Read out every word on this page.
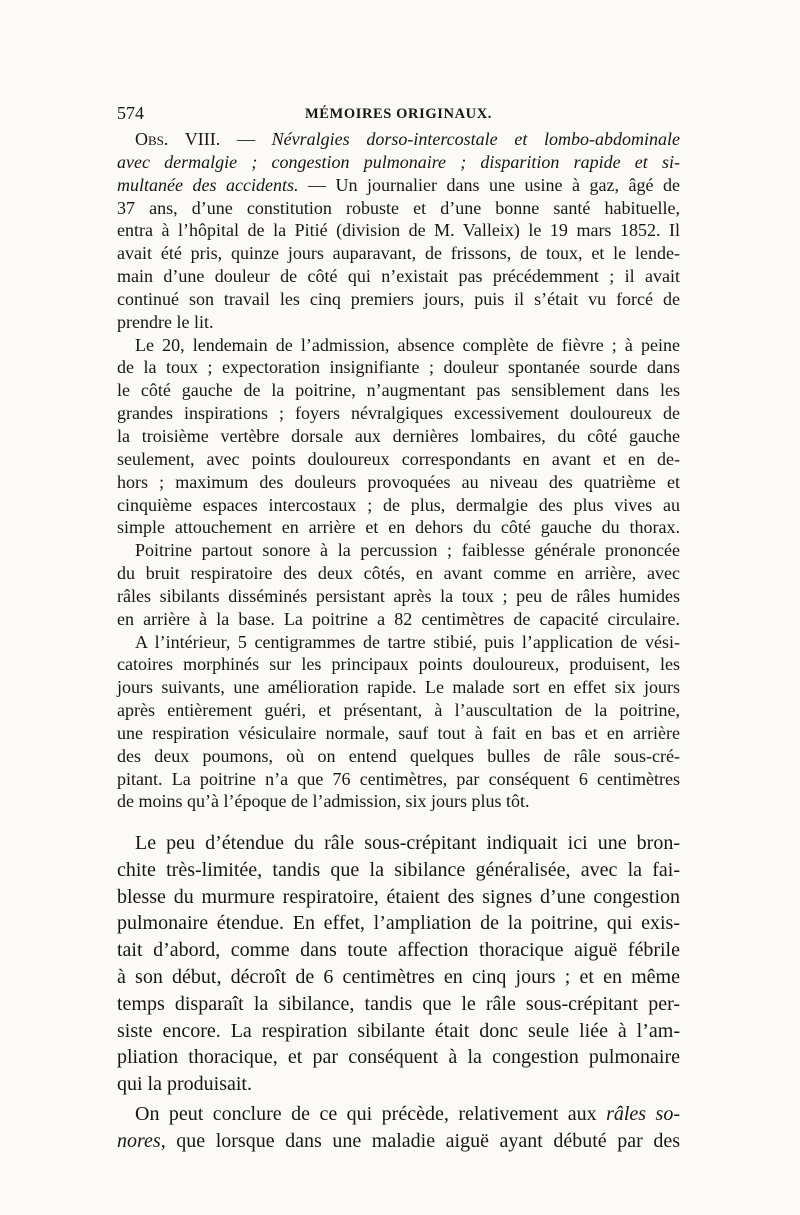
574	MÉMOIRES ORIGINAUX.
Obs. VIII. — Névralgies dorso-intercostale et lombo-abdominale
avec dermalgie ; congestion pulmonaire ; disparition rapide et si-
multanée des accidents. — Un journalier dans une usine à gaz, âgé de
37 ans, d’une constitution robuste et d’une bonne santé habituelle,
entra à l’hôpital de la Pitié (division de M. Valleix) le 19 mars 1852. Il
avait été pris, quinze jours auparavant, de frissons, de toux, et le lende-
main d’une douleur de côté qui n’existait pas précédemment ; il avait
continué son travail les cinq premiers jours, puis il s’était vu forcé de
prendre le lit.
Le 20, lendemain de l’admission, absence complète de fièvre ; à peine
de la toux ; expectoration insignifiante ; douleur spontanée sourde dans
le côté gauche de la poitrine, n’augmentant pas sensiblement dans les
grandes inspirations ; foyers névralgiques excessivement douloureux de
la troisième vertèbre dorsale aux dernières lombaires, du côté gauche
seulement, avec points douloureux correspondants en avant et en de-
hors ; maximum des douleurs provoquées au niveau des quatrième et
cinquième espaces intercostaux ; de plus, dermalgie des plus vives au
simple attouchement en arrière et en dehors du côté gauche du thorax.
Poitrine partout sonore à la percussion ; faiblesse générale prononcée
du bruit respiratoire des deux côtés, en avant comme en arrière, avec
râles sibilants disséminés persistant après la toux ; peu de râles humides
en arrière à la base. La poitrine a 82 centimètres de capacité circulaire.
A l’intérieur, 5 centigrammes de tartre stibié, puis l’application de vési-
catoires morphinés sur les principaux points douloureux, produisent, les
jours suivants, une amélioration rapide. Le malade sort en effet six jours
après entièrement guéri, et présentant, à l’auscultation de la poitrine,
une respiration vésiculaire normale, sauf tout à fait en bas et en arrière
des deux poumons, où on entend quelques bulles de râle sous-cré-
pitant. La poitrine n’a que 76 centimètres, par conséquent 6 centimètres
de moins qu’à l’époque de l’admission, six jours plus tôt.
Le peu d’étendue du râle sous-crépitant indiquait ici une bron-
chite très-limitée, tandis que la sibilance généralisée, avec la fai-
blesse du murmure respiratoire, étaient des signes d’une congestion
pulmonaire étendue. En effet, l’ampliation de la poitrine, qui exis-
tait d’abord, comme dans toute affection thoracique aiguë fébrile
à son début, décroît de 6 centimètres en cinq jours ; et en même
temps disparaît la sibilance, tandis que le râle sous-crépitant per-
siste encore. La respiration sibilante était donc seule liée à l’am-
pliation thoracique, et par conséquent à la congestion pulmonaire
qui la produisait.
On peut conclure de ce qui précède, relativement aux râles so-
nores, que lorsque dans une maladie aiguë ayant débuté par des
